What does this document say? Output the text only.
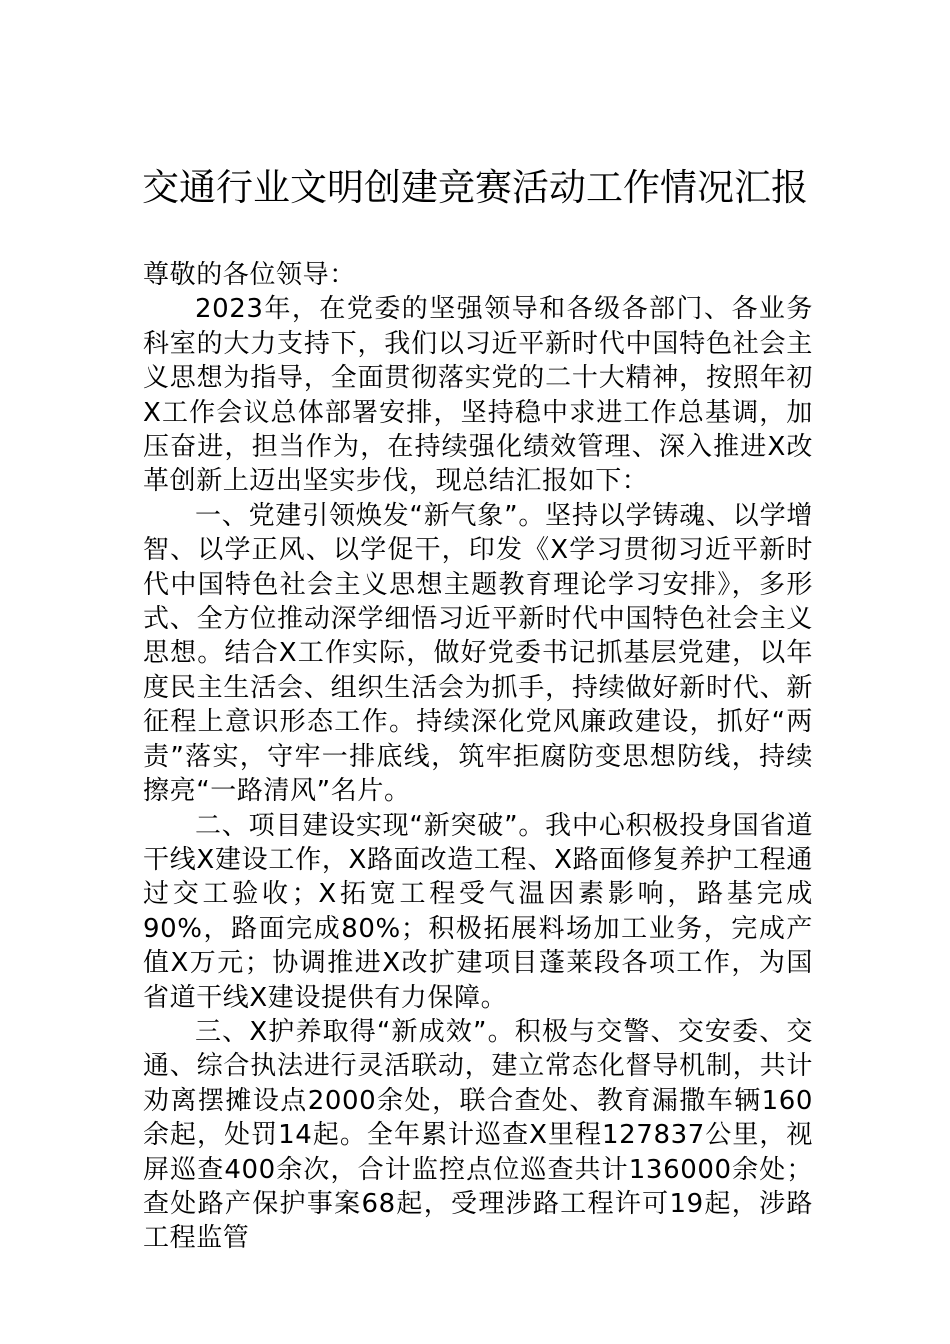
交通行业文明创建竞赛活动工作情况汇报

尊敬的各位领导：

2023年，在党委的坚强领导和各级各部门、各业务科室的大力支持下，我们以习近平新时代中国特色社会主义思想为指导，全面贯彻落实党的二十大精神，按照年初X工作会议总体部署安排，坚持稳中求进工作总基调，加压奋进，担当作为，在持续强化绩效管理、深入推进X改革创新上迈出坚实步伐，现总结汇报如下：

一、党建引领焕发“新气象”。坚持以学铸魂、以学增智、以学正风、以学促干，印发《X学习贯彻习近平新时代中国特色社会主义思想主题教育理论学习安排》，多形式、全方位推动深学细悟习近平新时代中国特色社会主义思想。结合X工作实际，做好党委书记抓基层党建，以年度民主生活会、组织生活会为抓手，持续做好新时代、新征程上意识形态工作。持续深化党风廉政建设，抓好“两责”落实，守牢一排底线，筑牢拒腐防变思想防线，持续擦亮“一路清风”名片。

二、项目建设实现“新突破”。我中心积极投身国省道干线X建设工作，X路面改造工程、X路面修复养护工程通过交工验收；X拓宽工程受气温因素影响，路基完成90%，路面完成80%；积极拓展料场加工业务，完成产值X万元；协调推进X改扩建项目蓬莱段各项工作，为国省道干线X建设提供有力保障。

三、X护养取得“新成效”。积极与交警、交安委、交通、综合执法进行灵活联动，建立常态化督导机制，共计劝离摆摊设点2000余处，联合查处、教育漏撒车辆160余起，处罚14起。全年累计巡查X里程127837公里，视屏巡查400余次，合计监控点位巡查共计136000余处；查处路产保护事案68起，受理涉路工程许可19起，涉路工程监管
